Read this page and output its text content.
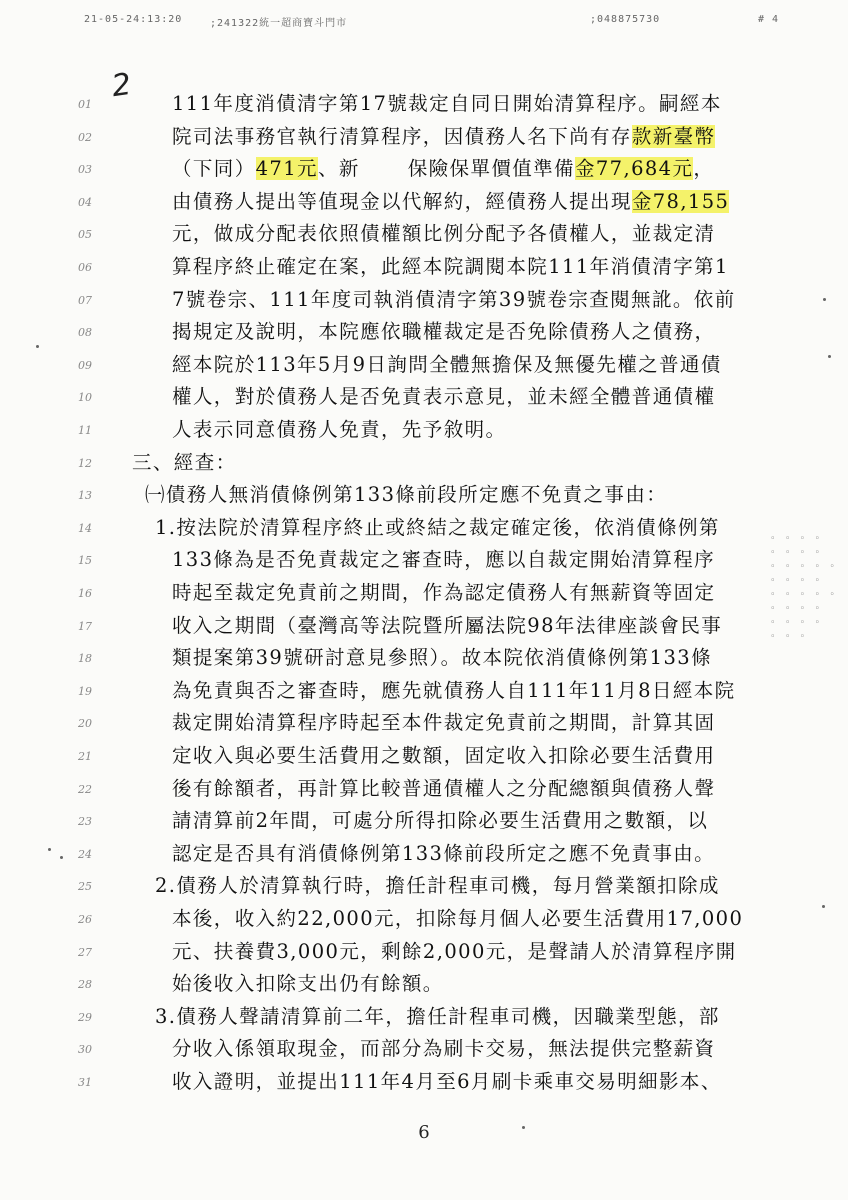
21-05-24:13:20	;241322統一超商寶斗門市	;048875730	# 4
2
01
02
03
04
05
06
07
08
09
10
11
12
13
14
15
16
17
18
19
20
21
22
23
24
25
26
27
28
29
30
31
111年度消債清字第17號裁定自同日開始清算程序。嗣經本
院司法事務官執行清算程序，因債務人名下尚有存款新臺幣
（下同）471元、新 保險保單價值準備金77,684元，
由債務人提出等值現金以代解約，經債務人提出現金78,155
元，做成分配表依照債權額比例分配予各債權人，並裁定清
算程序終止確定在案，此經本院調閱本院111年消債清字第1
7號卷宗、111年度司執消債清字第39號卷宗查閱無訛。依前
揭規定及說明，本院應依職權裁定是否免除債務人之債務，
經本院於113年5月9日詢問全體無擔保及無優先權之普通債
權人，對於債務人是否免責表示意見，並未經全體普通債權
人表示同意債務人免責，先予敘明。
三、經查：
㈠債務人無消債條例第133條前段所定應不免責之事由：
1.按法院於清算程序終止或終結之裁定確定後，依消債條例第
133條為是否免責裁定之審查時，應以自裁定開始清算程序
時起至裁定免責前之期間，作為認定債務人有無薪資等固定
收入之期間（臺灣高等法院暨所屬法院98年法律座談會民事
類提案第39號研討意見參照）。故本院依消債條例第133條
為免責與否之審查時，應先就債務人自111年11月8日經本院
裁定開始清算程序時起至本件裁定免責前之期間，計算其固
定收入與必要生活費用之數額，固定收入扣除必要生活費用
後有餘額者，再計算比較普通債權人之分配總額與債務人聲
請清算前2年間，可處分所得扣除必要生活費用之數額，以
認定是否具有消債條例第133條前段所定之應不免責事由。
2.債務人於清算執行時，擔任計程車司機，每月營業額扣除成
本後，收入約22,000元，扣除每月個人必要生活費用17,000
元、扶養費3,000元，剩餘2,000元，是聲請人於清算程序開
始後收入扣除支出仍有餘額。
3.債務人聲請清算前二年，擔任計程車司機，因職業型態，部
分收入係領取現金，而部分為刷卡交易，無法提供完整薪資
收入證明，並提出111年4月至6月刷卡乘車交易明細影本、
6
◦ ◦ ◦ ◦
◦ ◦ ◦ ◦
◦ ◦ ◦ ◦ ◦
◦ ◦ ◦ ◦
◦ ◦ ◦ ◦ ◦
◦ ◦ ◦ ◦
◦ ◦ ◦ ◦
◦ ◦ ◦
